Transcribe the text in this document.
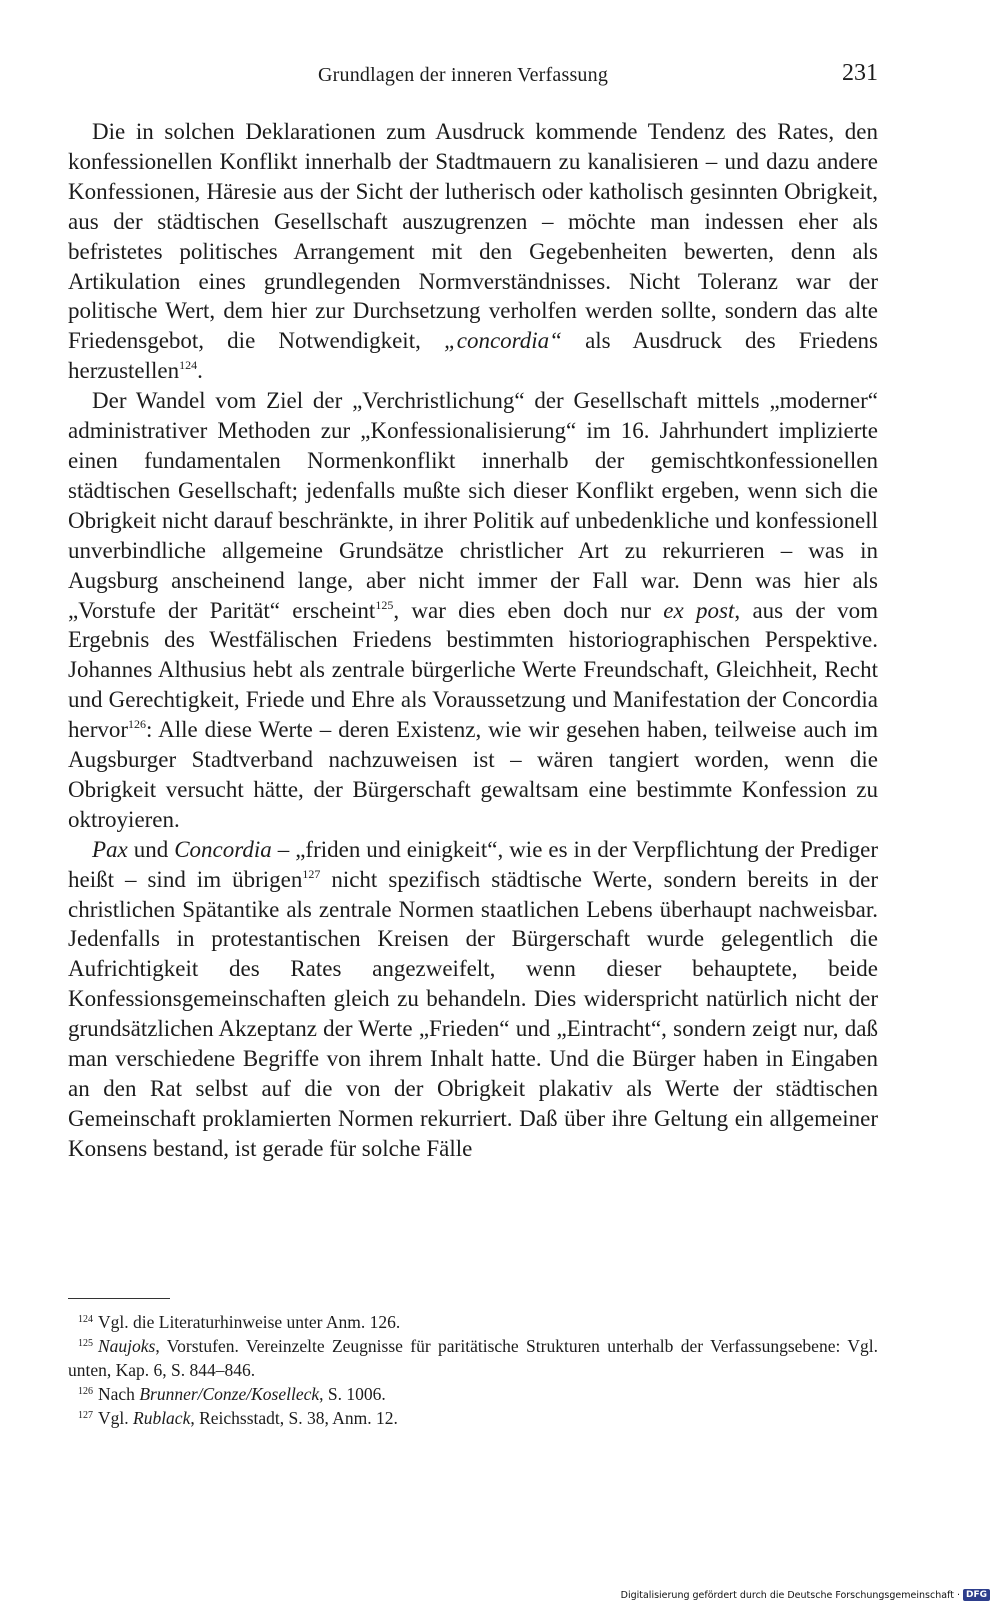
Grundlagen der inneren Verfassung	231

Die in solchen Deklarationen zum Ausdruck kommende Tendenz des Rates, den konfessionellen Konflikt innerhalb der Stadtmauern zu kanalisieren – und dazu andere Konfessionen, Häresie aus der Sicht der lutherisch oder katholisch gesinnten Obrigkeit, aus der städtischen Gesellschaft auszugrenzen – möchte man indessen eher als befristetes politisches Arrangement mit den Gegebenheiten bewerten, denn als Artikulation eines grundlegenden Normverständnisses. Nicht Toleranz war der politische Wert, dem hier zur Durchsetzung verholfen werden sollte, sondern das alte Friedensgebot, die Notwendigkeit, „concordia“ als Ausdruck des Friedens herzustellen$^{124}$.

Der Wandel vom Ziel der „Verchristlichung“ der Gesellschaft mittels „moderner“ administrativer Methoden zur „Konfessionalisierung“ im 16. Jahrhundert implizierte einen fundamentalen Normenkonflikt innerhalb der gemischtkonfessionellen städtischen Gesellschaft; jedenfalls mußte sich dieser Konflikt ergeben, wenn sich die Obrigkeit nicht darauf beschränkte, in ihrer Politik auf unbedenkliche und konfessionell unverbindliche allgemeine Grundsätze christlicher Art zu rekurrieren – was in Augsburg anscheinend lange, aber nicht immer der Fall war. Denn was hier als „Vorstufe der Parität“ erscheint$^{125}$, war dies eben doch nur ex post, aus der vom Ergebnis des Westfälischen Friedens bestimmten historiographischen Perspektive. Johannes Althusius hebt als zentrale bürgerliche Werte Freundschaft, Gleichheit, Recht und Gerechtigkeit, Friede und Ehre als Voraussetzung und Manifestation der Concordia hervor$^{126}$: Alle diese Werte – deren Existenz, wie wir gesehen haben, teilweise auch im Augsburger Stadtverband nachzuweisen ist – wären tangiert worden, wenn die Obrigkeit versucht hätte, der Bürgerschaft gewaltsam eine bestimmte Konfession zu oktroyieren.

Pax und Concordia – „friden und einigkeit“, wie es in der Verpflichtung der Prediger heißt – sind im übrigen$^{127}$ nicht spezifisch städtische Werte, sondern bereits in der christlichen Spätantike als zentrale Normen staatlichen Lebens überhaupt nachweisbar. Jedenfalls in protestantischen Kreisen der Bürgerschaft wurde gelegentlich die Aufrichtigkeit des Rates angezweifelt, wenn dieser behauptete, beide Konfessionsgemeinschaften gleich zu behandeln. Dies widerspricht natürlich nicht der grundsätzlichen Akzeptanz der Werte „Frieden“ und „Eintracht“, sondern zeigt nur, daß man verschiedene Begriffe von ihrem Inhalt hatte. Und die Bürger haben in Eingaben an den Rat selbst auf die von der Obrigkeit plakativ als Werte der städtischen Gemeinschaft proklamierten Normen rekurriert. Daß über ihre Geltung ein allgemeiner Konsens bestand, ist gerade für solche Fälle

$^{124}$ Vgl. die Literaturhinweise unter Anm. 126.

$^{125}$ Naujoks, Vorstufen. Vereinzelte Zeugnisse für paritätische Strukturen unterhalb der Verfassungsebene: Vgl. unten, Kap. 6, S. 844–846.

$^{126}$ Nach Brunner/Conze/Koselleck, S. 1006.

$^{127}$ Vgl. Rublack, Reichsstadt, S. 38, Anm. 12.

Digitalisierung gefördert durch die Deutsche Forschungsgemeinschaft · DFG
